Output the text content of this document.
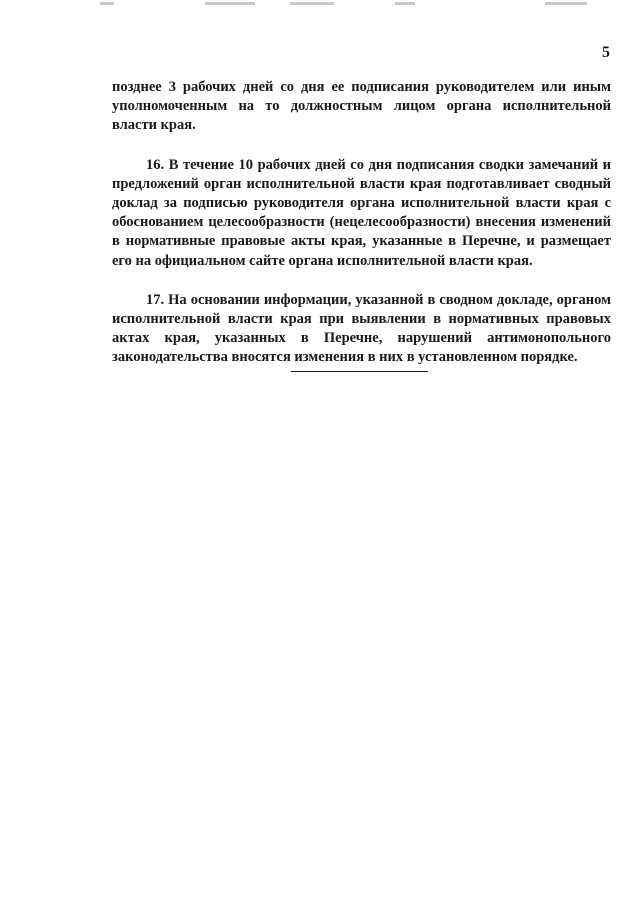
5

позднее 3 рабочих дней со дня ее подписания руководителем или иным уполномоченным на то должностным лицом органа исполнительной власти края.

16. В течение 10 рабочих дней со дня подписания сводки замечаний и предложений орган исполнительной власти края подготавливает сводный доклад за подписью руководителя органа исполнительной власти края с обоснованием целесообразности (нецелесообразности) внесения изменений в нормативные правовые акты края, указанные в Перечне, и размещает его на официальном сайте органа исполнительной власти края.

17. На основании информации, указанной в сводном докладе, органом исполнительной власти края при выявлении в нормативных правовых актах края, указанных в Перечне, нарушений антимонопольного законодательства вносятся изменения в них в установленном порядке.
